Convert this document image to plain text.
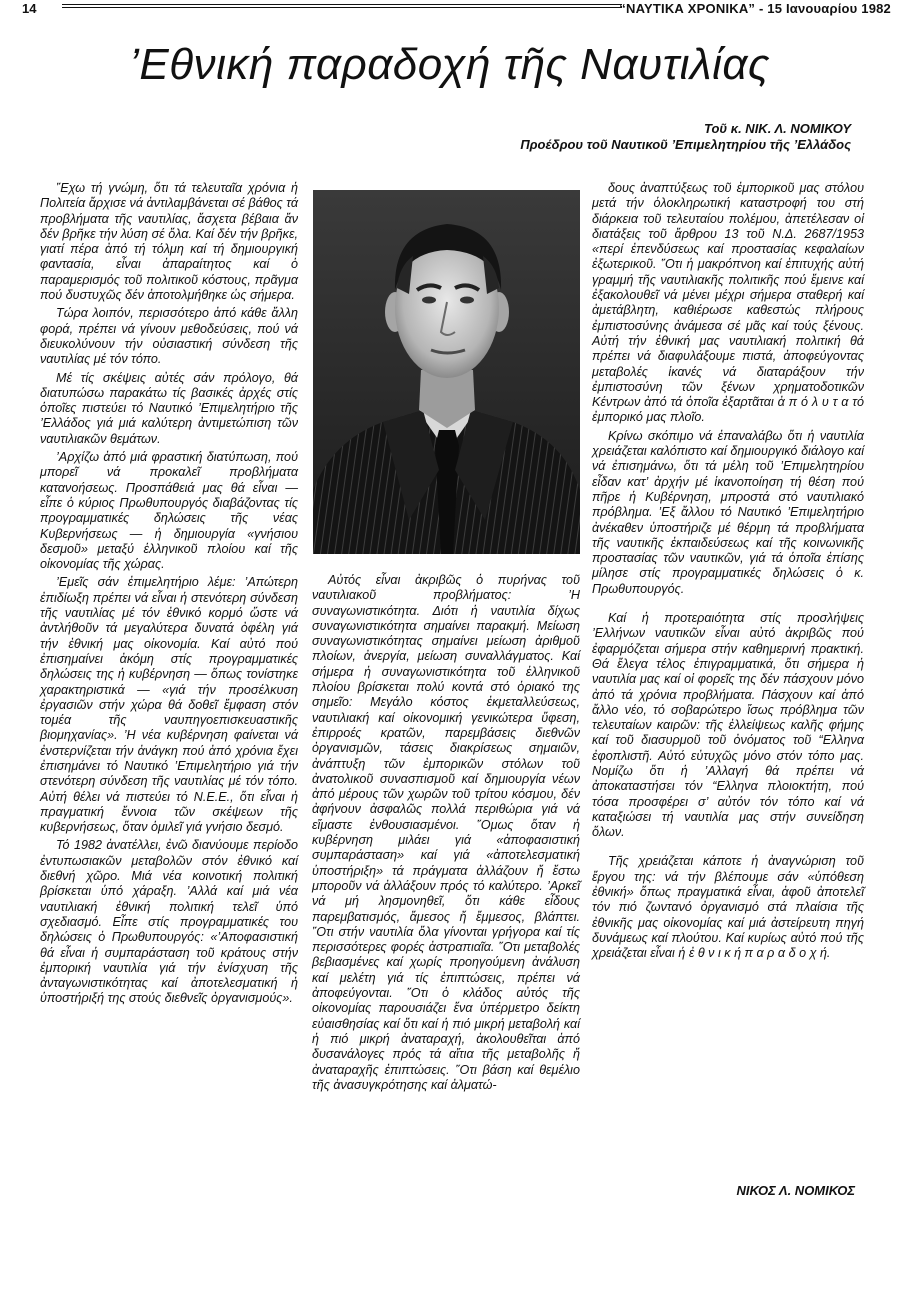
14	“ΝΑΥΤΙΚΑ ΧΡΟΝΙΚΑ” - 15 Ιανουαρίου 1982
’Εθνική παραδοχή τῆς Ναυτιλίας
Τοῦ κ. ΝΙΚ. Λ. ΝΟΜΙΚΟΥ
Προέδρου τοῦ Ναυτικοῦ ’Επιμελητηρίου τῆς ’Ελλάδος

῞Εχω τή γνώμη, ὅτι τά τελευταῖα χρόνια ἡ Πολιτεία ἄρχισε νά ἀντιλαμβάνεται σέ βάθος τά προβλήματα τῆς ναυτιλίας, ἄσχετα βέβαια ἄν δέν βρῆκε τήν λύση σέ ὅλα. Καί δέν τήν βρῆκε, γιατί πέρα ἀπό τή τόλμη καί τή δημιουργική φαντασία, εἶναι ἀπαραίτητος καί ὁ παραμερισμός τοῦ πολιτικοῦ κόστους, πρᾶγμα πού δυστυχῶς δέν ἀποτολμήθηκε ὡς σήμερα.

Τώρα λοιπόν, περισσότερο ἀπό κάθε ἄλλη φορά, πρέπει νά γίνουν μεθοδεύσεις, πού νά διευκολύνουν τήν οὐσιαστική σύνδεση τῆς ναυτιλίας μέ τόν τόπο.

Μέ τίς σκέψεις αὐτές σάν πρόλογο, θά διατυπώσω παρακάτω τίς βασικές ἀρχές στίς ὁποῖες πιστεύει τό Ναυτικό ’Επιμελητήριο τῆς ’Ελλάδος γιά μιά καλύτερη ἀντιμετώπιση τῶν ναυτιλιακῶν θεμάτων.

’Αρχίζω ἀπό μιά φραστική διατύπωση, πού μπορεῖ νά προκαλεῖ προβλήματα κατανοήσεως. Προσπάθειά μας θά εἶναι — εἶπε ὁ κύριος Πρωθυπουργός διαβάζοντας τίς προγραμματικές δηλώσεις τῆς νέας Κυβερνήσεως — ἡ δημιουργία «γνήσιου δεσμοῦ» μεταξύ ἑλληνικοῦ πλοίου καί τῆς οἰκονομίας τῆς χώρας.

’Εμεῖς σάν ἐπιμελητήριο λέμε: ’Απώτερη ἐπιδίωξη πρέπει νά εἶναι ἡ στενότερη σύνδεση τῆς ναυτιλίας μέ τόν ἐθνικό κορμό ὥστε νά ἀντλήθοῦν τά μεγαλύτερα δυνατά ὀφέλη γιά τήν ἐθνική μας οἰκονομία. Καί αὐτό πού ἐπισημαίνει ἀκόμη στίς προγραμματικές δηλώσεις της ἡ κυβέρνηση — ὅπως τονίστηκε χαρακτηριστικά — «γιά τήν προσέλκυση ἐργασιῶν στήν χώρα θά δοθεῖ ἔμφαση στόν τομέα τῆς ναυπηγοεπισκευαστικῆς βιομηχανίας». ’Η νέα κυβέρνηση φαίνεται νά ἐνστερνίζεται τήν ἀνάγκη πού ἀπό χρόνια ἔχει ἐπισημάνει τό Ναυτικό ’Επιμελητήριο γιά τήν στενότερη σύνδεση τῆς ναυτιλίας μέ τόν τόπο. Αὐτή θέλει νά πιστεύει τό Ν.Ε.Ε., ὅτι εἶναι ἡ πραγματική ἔννοια τῶν σκέψεων τῆς κυβερνήσεως, ὅταν ὁμιλεῖ γιά γνήσιο δεσμό.

Τό 1982 ἀνατέλλει, ἐνῶ διανύουμε περίοδο ἐντυπωσιακῶν μεταβολῶν στόν ἐθνικό καί διεθνή χῶρο. Μιά νέα κοινοτική πολιτική βρίσκεται ὑπό χάραξη. ’Αλλά καί μιά νέα ναυτιλιακή ἐθνική πολιτική τελεῖ ὑπό σχεδιασμό. Εἶπε στίς προγραμματικές του δηλώσεις ὁ Πρωθυπουργός: «’Αποφασιστική θά εἶναι ἡ συμπαράσταση τοῦ κράτους στήν ἐμπορική ναυτιλία γιά τήν ἐνίσχυση τῆς ἀνταγωνιστικότητας καί ἀποτελεσματική ἡ ὑποστήριξή της στούς διεθνεῖς ὀργανισμούς».

Αὐτός εἶναι ἀκριβῶς ὁ πυρήνας τοῦ ναυτιλιακοῦ προβλήματος: ’Η συναγωνιστικότητα. Διότι ἡ ναυτιλία δίχως συναγωνιστικότητα σημαίνει παρακμή. Μείωση συναγωνιστικότητας σημαίνει μείωση ἀριθμοῦ πλοίων, ἀνεργία, μείωση συναλλάγματος. Καί σήμερα ἡ συναγωνιστικότητα τοῦ ἑλληνικοῦ πλοίου βρίσκεται πολύ κοντά στό ὁριακό της σημεῖο: Μεγάλο κόστος ἐκμεταλλεύσεως, ναυτιλιακή καί οἰκονομική γενικώτερα ὕφεση, ἐπιρροές κρατῶν, παρεμβάσεις διεθνῶν ὀργανισμῶν, τάσεις διακρίσεως σημαιῶν, ἀνάπτυξη τῶν ἐμπορικῶν στόλων τοῦ ἀνατολικοῦ συνασπισμοῦ καί δημιουργία νέων ἀπό μέρους τῶν χωρῶν τοῦ τρίτου κόσμου, δέν ἀφήνουν ἀσφαλῶς πολλά περιθώρια γιά νά εἴμαστε ἐνθουσιασμένοι. ῞Ομως ὅταν ἡ κυβέρνηση μιλάει γιά «ἀποφασιστική συμπαράσταση» καί γιά «ἀποτελεσματική ὑποστήριξη» τά πράγματα ἀλλάζουν ἤ ἔστω μποροῦν νά ἀλλάξουν πρός τό καλύτερο. ’Αρκεῖ νά μή λησμονηθεῖ, ὅτι κάθε εἶδους παρεμβατισμός, ἄμεσος ἤ ἔμμεσος, βλάπτει. ῞Οτι στήν ναυτιλία ὅλα γίνονται γρήγορα καί τίς περισσότερες φορές ἀστραπιαῖα. ῞Οτι μεταβολές βεβιασμένες καί χωρίς προηγούμενη ἀνάλυση καί μελέτη γιά τίς ἐπιπτώσεις, πρέπει νά ἀποφεύγονται. ῞Οτι ὁ κλάδος αὐτός τῆς οἰκονομίας παρουσιάζει ἕνα ὑπέρμετρο δείκτη εὐαισθησίας καί ὅτι καί ἡ πιό μικρή μεταβολή καί ἡ πιό μικρή ἀναταραχή, ἀκολουθεῖται ἀπό δυσανάλογες πρός τά αἴτια τῆς μεταβολῆς ἤ ἀναταραχῆς ἐπιπτώσεις. ῞Οτι βάση καί θεμέλιο τῆς ἀνασυγκρότησης καί ἀλματώ-

δους ἀναπτύξεως τοῦ ἐμπορικοῦ μας στόλου μετά τήν ὁλοκληρωτική καταστροφή του στή διάρκεια τοῦ τελευταίου πολέμου, ἀπετέλεσαν οἱ διατάξεις τοῦ ἄρθρου 13 τοῦ Ν.Δ. 2687/1953 «περί ἐπενδύσεως καί προστασίας κεφαλαίων ἐξωτερικοῦ. ῞Οτι ἡ μακρόπνοη καί ἐπιτυχής αὐτή γραμμή τῆς ναυτιλιακῆς πολιτικῆς πού ἔμεινε καί ἐξακολουθεῖ νά μένει μέχρι σήμερα σταθερή καί ἀμετάβλητη, καθιέρωσε καθεστώς πλήρους ἐμπιστοσύνης ἀνάμεσα σέ μᾶς καί τούς ξένους. Αὐτή τήν ἐθνική μας ναυτιλιακή πολιτική θά πρέπει νά διαφυλάξουμε πιστά, ἀποφεύγοντας μεταβολές ἱκανές νά διαταράξουν τήν ἐμπιστοσύνη τῶν ξένων χρηματοδοτικῶν Κέντρων ἀπό τά ὁποῖα ἐξαρτᾶται ἀ π ό λ υ τ α τό ἐμπορικό μας πλοῖο.

Κρίνω σκόπιμο νά ἐπαναλάβω ὅτι ἡ ναυτιλία χρειάζεται καλόπιστο καί δημιουργικό διάλογο καί νά ἐπισημάνω, ὅτι τά μέλη τοῦ ’Επιμελητηρίου εἶδαν κατ’ ἀρχήν μέ ἱκανοποίηση τή θέση πού πῆρε ἡ Κυβέρνηση, μπροστά στό ναυτιλιακό πρόβλημα. ’Εξ ἄλλου τό Ναυτικό ’Επιμελητήριο ἀνέκαθεν ὑποστήριζε μέ θέρμη τά προβλήματα τῆς ναυτικῆς ἐκπαιδεύσεως καί τῆς κοινωνικῆς προστασίας τῶν ναυτικῶν, γιά τά ὁποῖα ἐπίσης μίλησε στίς προγραμματικές δηλώσεις ὁ κ. Πρωθυπουργός.

Καί ἡ προτεραιότητα στίς προσλήψεις ’Ελλήνων ναυτικῶν εἶναι αὐτό ἀκριβῶς πού ἐφαρμόζεται σήμερα στήν καθημερινή πρακτική. Θά ἔλεγα τέλος ἐπιγραμματικά, ὅτι σήμερα ἡ ναυτιλία μας καί οἱ φορεῖς της δέν πάσχουν μόνο ἀπό τά χρόνια προβλήματα. Πάσχουν καί ἀπό ἄλλο νέο, τό σοβαρώτερο ἴσως πρόβλημα τῶν τελευταίων καιρῶν: τῆς ἐλλείψεως καλῆς φήμης καί τοῦ διασυρμοῦ τοῦ ὀνόματος τοῦ “Ελληνα ἐφοπλιστῆ. Αὐτό εὐτυχῶς μόνο στόν τόπο μας. Νομίζω ὅτι ἡ ’Αλλαγή θά πρέπει νά ἀποκαταστήσει τόν “Ελληνα πλοιοκτήτη, πού τόσα προσφέρει σ’ αὐτόν τόν τόπο καί νά καταξιώσει τή ναυτιλία μας στήν συνείδηση ὅλων.

Τῆς χρειάζεται κάποτε ἡ ἀναγνώριση τοῦ ἔργου της: νά τήν βλέπουμε σάν «ὑπόθεση ἐθνική» ὅπως πραγματικά εἶναι, ἀφοῦ ἀποτελεῖ τόν πιό ζωντανό ὀργανισμό στά πλαίσια τῆς ἐθνικῆς μας οἰκονομίας καί μιά ἀστείρευτη πηγή δυνάμεως καί πλούτου. Καί κυρίως αὐτό πού τῆς χρειάζεται εἶναι ἡ ἐ θ ν ι κ ή π α ρ α δ ο χ ή.

ΝΙΚΟΣ Λ. ΝΟΜΙΚΟΣ
